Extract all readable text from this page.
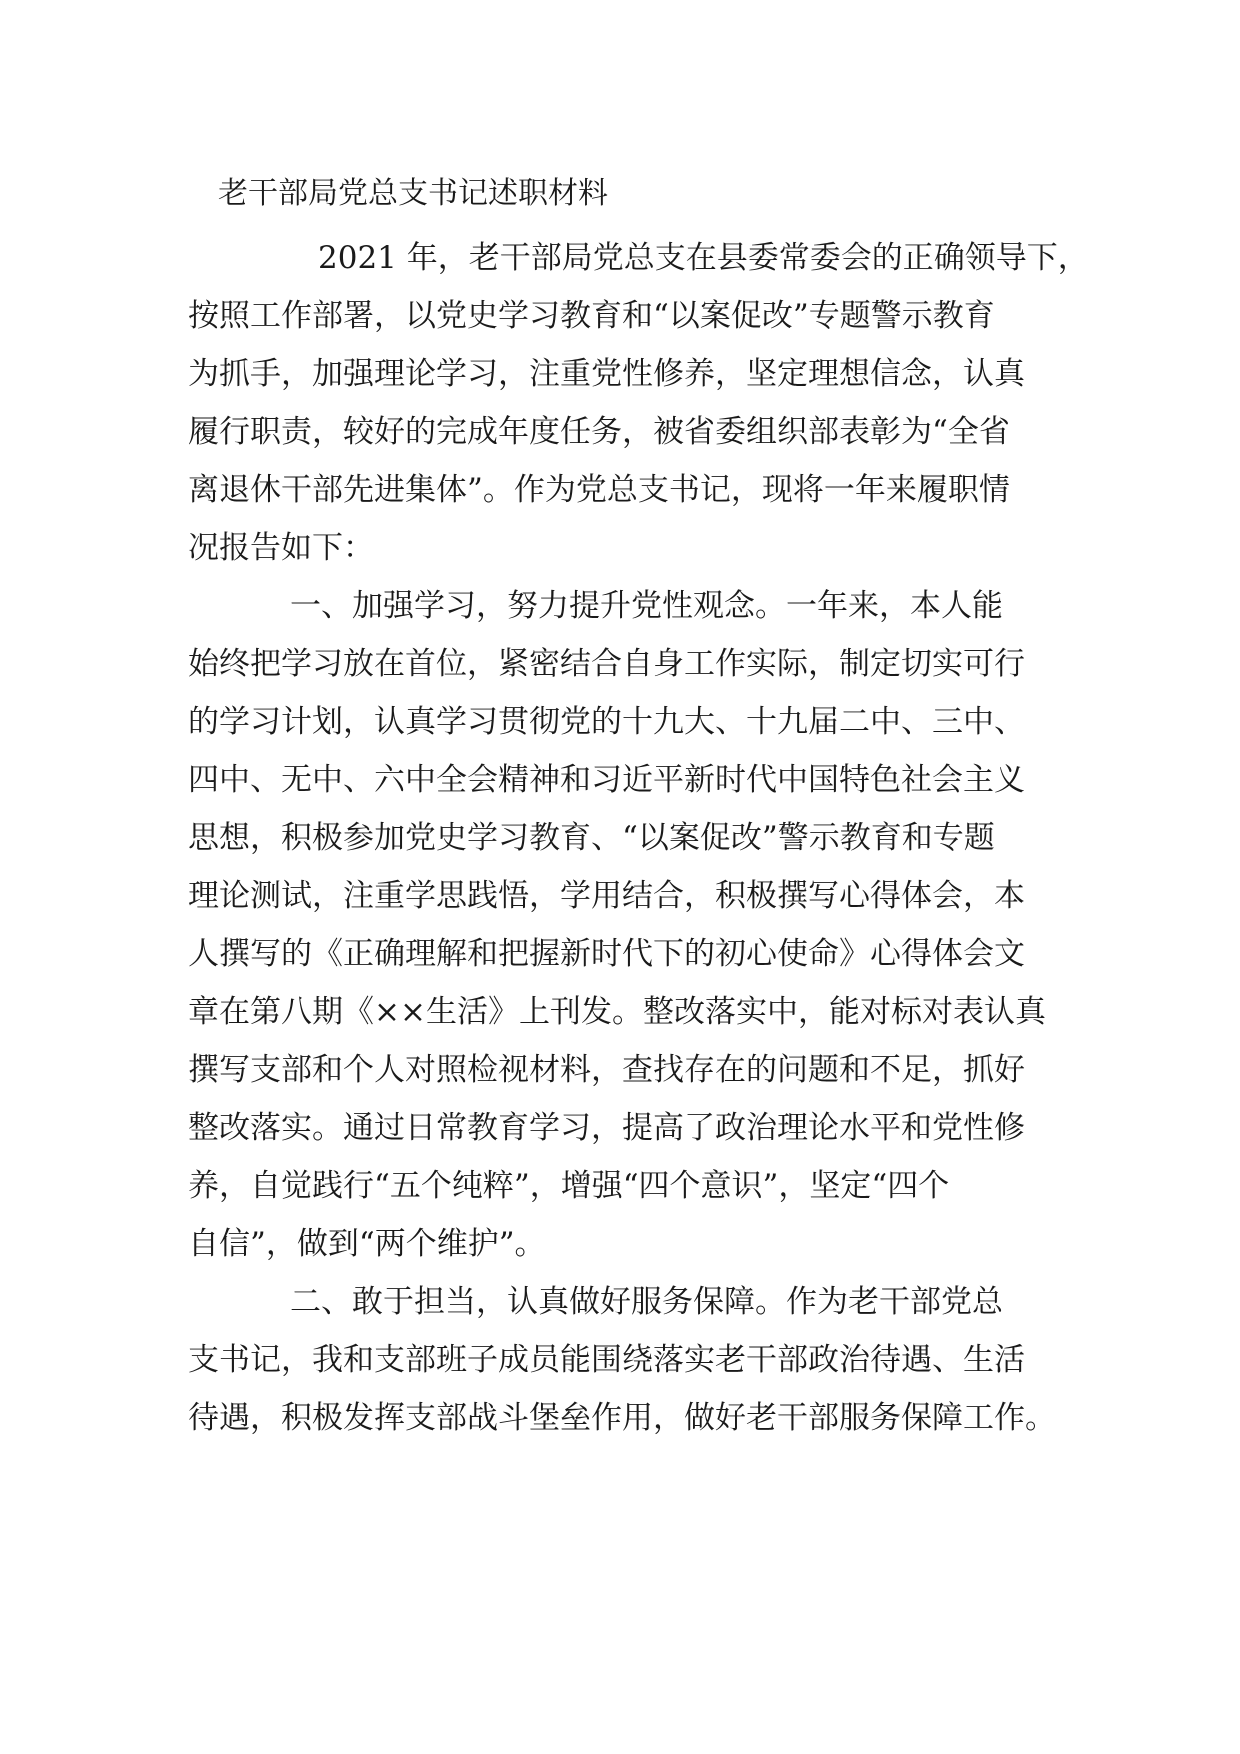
老干部局党总支书记述职材料
2021 年，老干部局党总支在县委常委会的正确领导下，
按照工作部署，以党史学习教育和“以案促改”专题警示教育
为抓手，加强理论学习，注重党性修养，坚定理想信念，认真
履行职责，较好的完成年度任务，被省委组织部表彰为“全省
离退休干部先进集体”。作为党总支书记，现将一年来履职情
况报告如下：
一、加强学习，努力提升党性观念。一年来，本人能
始终把学习放在首位，紧密结合自身工作实际，制定切实可行
的学习计划，认真学习贯彻党的十九大、十九届二中、三中、
四中、无中、六中全会精神和习近平新时代中国特色社会主义
思想，积极参加党史学习教育、“以案促改”警示教育和专题
理论测试，注重学思践悟，学用结合，积极撰写心得体会，本
人撰写的《正确理解和把握新时代下的初心使命》心得体会文
章在第八期《××生活》上刊发。整改落实中，能对标对表认真
撰写支部和个人对照检视材料，查找存在的问题和不足，抓好
整改落实。通过日常教育学习，提高了政治理论水平和党性修
养，自觉践行“五个纯粹”，增强“四个意识”，坚定“四个
自信”，做到“两个维护”。
二、敢于担当，认真做好服务保障。作为老干部党总
支书记，我和支部班子成员能围绕落实老干部政治待遇、生活
待遇，积极发挥支部战斗堡垒作用，做好老干部服务保障工作。
